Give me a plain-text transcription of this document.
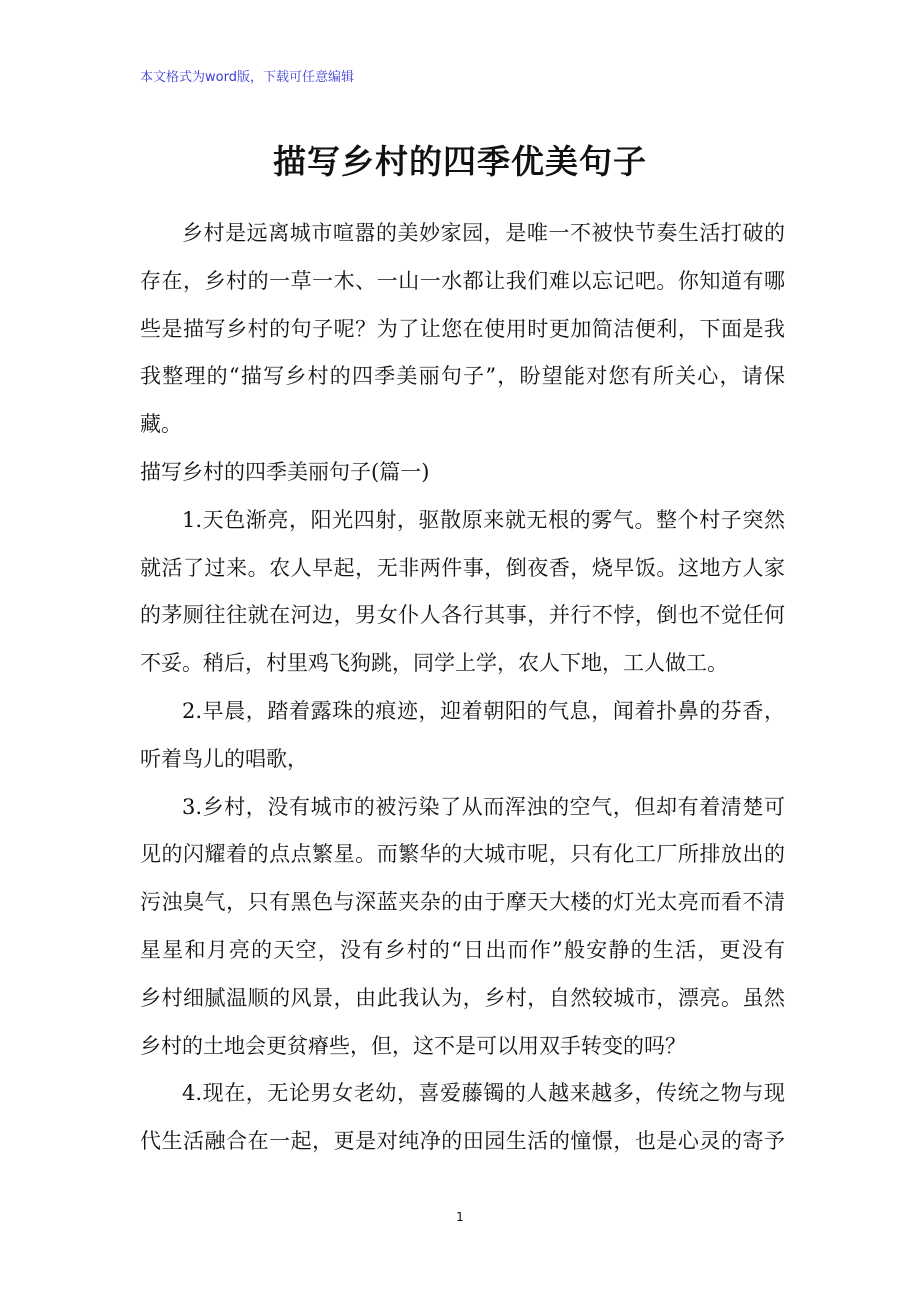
本文格式为word版，下载可任意编辑
描写乡村的四季优美句子
乡村是远离城市喧嚣的美妙家园，是唯一不被快节奏生活打破的
存在，乡村的一草一木、一山一水都让我们难以忘记吧。你知道有哪
些是描写乡村的句子呢？为了让您在使用时更加简洁便利，下面是我
我整理的“描写乡村的四季美丽句子”，盼望能对您有所关心，请保
藏。
描写乡村的四季美丽句子(篇一)
1.天色渐亮，阳光四射，驱散原来就无根的雾气。整个村子突然
就活了过来。农人早起，无非两件事，倒夜香，烧早饭。这地方人家
的茅厕往往就在河边，男女仆人各行其事，并行不悖，倒也不觉任何
不妥。稍后，村里鸡飞狗跳，同学上学，农人下地，工人做工。
2.早晨，踏着露珠的痕迹，迎着朝阳的气息，闻着扑鼻的芬香，
听着鸟儿的唱歌，
3.乡村，没有城市的被污染了从而浑浊的空气，但却有着清楚可
见的闪耀着的点点繁星。而繁华的大城市呢，只有化工厂所排放出的
污浊臭气，只有黑色与深蓝夹杂的由于摩天大楼的灯光太亮而看不清
星星和月亮的天空，没有乡村的“日出而作”般安静的生活，更没有
乡村细腻温顺的风景，由此我认为，乡村，自然较城市，漂亮。虽然
乡村的土地会更贫瘠些，但，这不是可以用双手转变的吗？
4.现在，无论男女老幼，喜爱藤镯的人越来越多，传统之物与现
代生活融合在一起，更是对纯净的田园生活的憧憬，也是心灵的寄予
1
